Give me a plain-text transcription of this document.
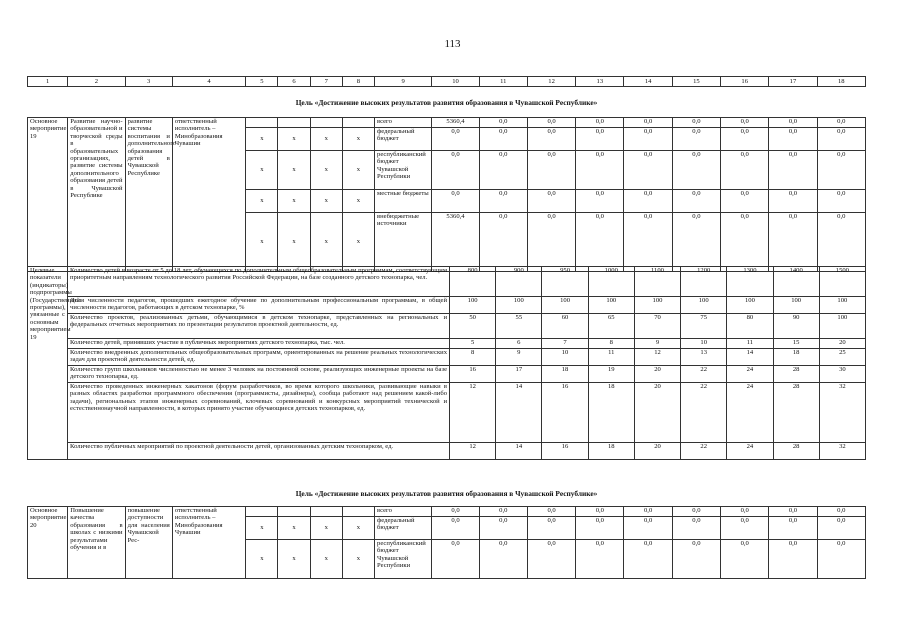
113
1	2	3	4	5	6	7	8	9	10	11	12	13	14	15	16	17	18
Цель «Достижение высоких результатов развития образования в Чувашской Республике»
Основное мероприятие 19	Развитие научно-образовательной и творческой среды в образовательных организациях, развитие системы дополнительного образования детей в Чувашской Республике	развитие системы воспитания и дополнительного образования детей в Чувашской Республике	ответственный исполнитель – Минобразования Чувашии					всего	5360,4	0,0	0,0	0,0	0,0	0,0	0,0	0,0	0,0
				x	x	x	x	федеральный бюджет	0,0	0,0	0,0	0,0	0,0	0,0	0,0	0,0	0,0
				x	x	x	x	республиканский бюджет Чувашской Республики	0,0	0,0	0,0	0,0	0,0	0,0	0,0	0,0	0,0
				x	x	x	x	местные бюджеты	0,0	0,0	0,0	0,0	0,0	0,0	0,0	0,0	0,0
				x	x	x	x	внебюджетные источники	5360,4	0,0	0,0	0,0	0,0	0,0	0,0	0,0	0,0
Целевые показатели (индикаторы) подпрограммы (Государственной программы), увязанные с основным мероприятием 19	Количество детей в возрасте от 5 до 18 лет, обучающихся по дополнительным общеобразовательным программам, соответствующим приоритетным направлениям технологического развития Российской Федерации, на базе созданного детского технопарка, чел.	800	900	950	1000	1100	1200	1300	1400	1500
	Доля численности педагогов, прошедших ежегодное обучение по дополнительным профессиональным программам, в общей численности педагогов, работающих в детском технопарке, %	100	100	100	100	100	100	100	100	100
	Количество проектов, реализованных детьми, обучающимися в детском технопарке, представленных на региональных и федеральных отчетных мероприятиях по презентации результатов проектной деятельности, ед.	50	55	60	65	70	75	80	90	100
	Количество детей, принявших участие в публичных мероприятиях детского технопарка, тыс. чел.	5	6	7	8	9	10	11	15	20
	Количество внедренных дополнительных общеобразовательных программ, ориентированных на решение реальных технологических задач для проектной деятельности детей, ед.	8	9	10	11	12	13	14	18	25
	Количество групп школьников численностью не менее 3 человек на постоянной основе, реализующих инженерные проекты на базе детского технопарка, ед.	16	17	18	19	20	22	24	28	30
	Количество проведенных инженерных хакатонов (форум разработчиков, во время которого школьники, развивающие навыки в разных областях разработки программного обеспечения (программисты, дизайнеры), сообща работают над решением какой-либо задачи), региональных этапов инженерных соревнований, клочевых соревнований и конкурсных мероприятий технической и естественнонаучной направленности, в которых принято участие обучающиеся детских технопарков, ед.	12	14	16	18	20	22	24	28	32
	Количество публичных мероприятий по проектной деятельности детей, организованных детским технопарком, ед.	12	14	16	18	20	22	24	28	32
Цель «Достижение высоких результатов развития образования в Чувашской Республике»
Основное мероприятие 20	Повышение качества образования в школах с низкими результатами обучения и в	повышение доступности для населения Чувашской Рес-	ответственный исполнитель – Минобразования Чувашии					всего	0,0	0,0	0,0	0,0	0,0	0,0	0,0	0,0	0,0
				x	x	x	x	федеральный бюджет	0,0	0,0	0,0	0,0	0,0	0,0	0,0	0,0	0,0
				x	x	x	x	республиканский бюджет Чувашской Республики	0,0	0,0	0,0	0,0	0,0	0,0	0,0	0,0	0,0
